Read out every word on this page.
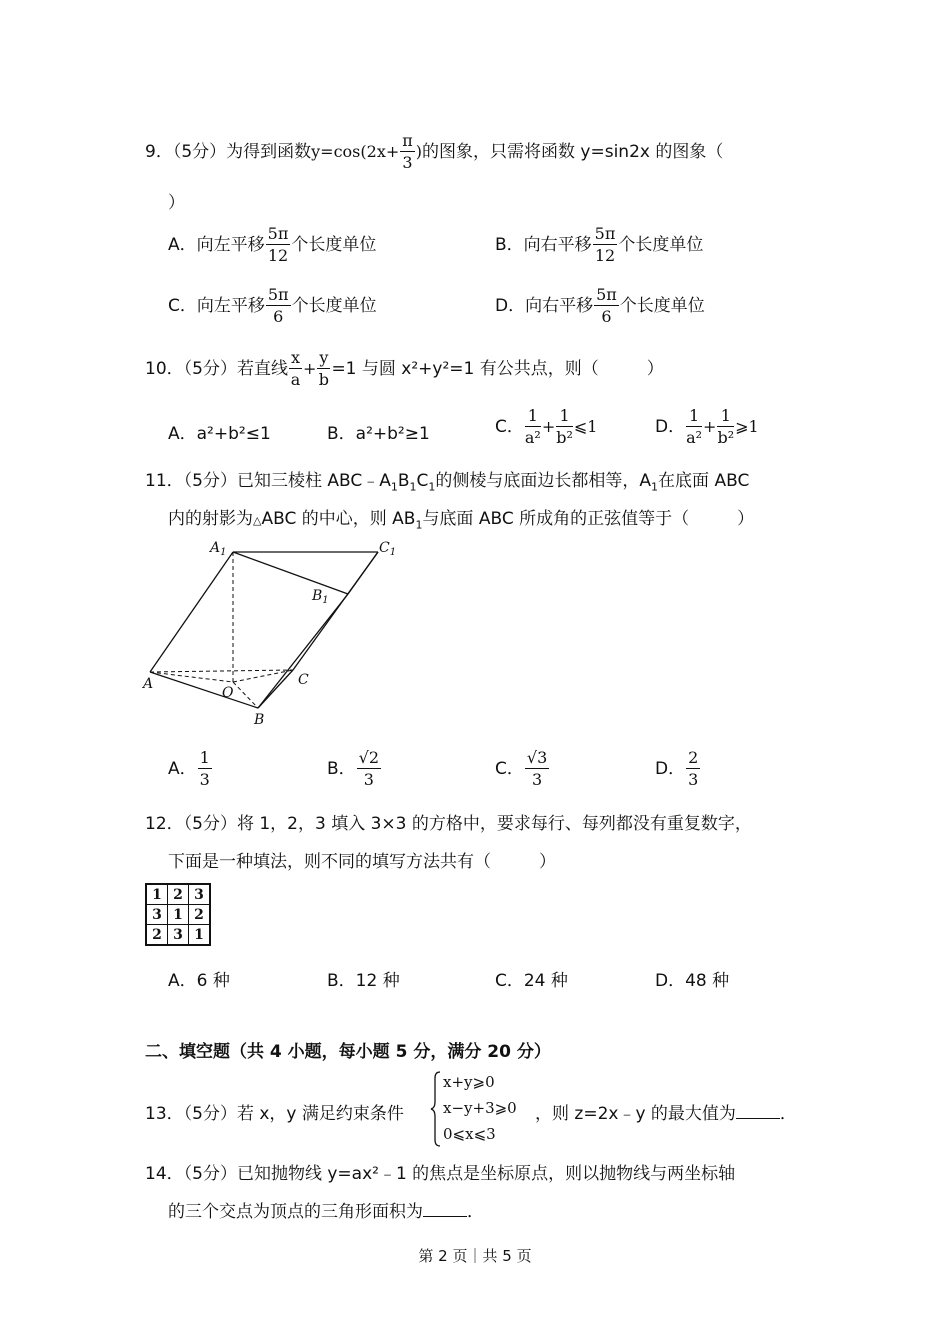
9．（5分）为得到函数$y=\cos(2x+ \frac{\pi}{3}$ )的图象，只需将函数 y=sin2x 的图象（
）
A．向左平移 $\frac{5\pi}{12}$ 个长度单位	B．向右平移 $\frac{5\pi}{12}$ 个长度单位
C．向左平移 $\frac{5\pi}{6}$ 个长度单位	D．向右平移 $\frac{5\pi}{6}$ 个长度单位
10．（5分）若直线 $\frac{x}{a} + \frac{y}{b} =1$ 与圆 x²+y²=1 有公共点，则（	）
A．a²+b²≤1	B．a²+b²≥1	C． $\frac{1}{\text{a²}} + \frac{1}{\text{b²}}$ ⩽1	D． $\frac{1}{\text{a²}} + \frac{1}{\text{b²}}$ ⩾1
11．（5分）已知三棱柱 $ABC﹣A_1B_1C_1$的侧棱与底面边长都相等，$A_1$在底面 ABC
内的射影为△ABC 的中心，则 $AB_1$与底面 ABC 所成角的正弦值等于（	）
$A_1$	$C_1$
$B_1$
A	C
O
B
A． $\frac{1}{3}$	B． $\frac{√2}{3}$	C． $\frac{√3}{3}$	D． $\frac{2}{3}$
12．（5分）将 1，2，3 填入 3×3 的方格中，要求每行、每列都没有重复数字，
下面是一种填法，则不同的填写方法共有（	）
1	2	3
3	1	2
2	3	1
A．6 种	B．12 种	C．24 种	D．48 种
二、填空题（共 4 小题，每小题 5 分，满分 20 分）
13．（5分）若 x，y 满足约束条件
x+y⩾0
x−y+3⩾0
0⩽x⩽3
，则 z=2x﹣y 的最大值为	．
14．（5分）已知抛物线 y=ax²﹣1 的焦点是坐标原点，则以抛物线与两坐标轴
的三个交点为顶点的三角形面积为	．
第 2 页｜共 5 页
